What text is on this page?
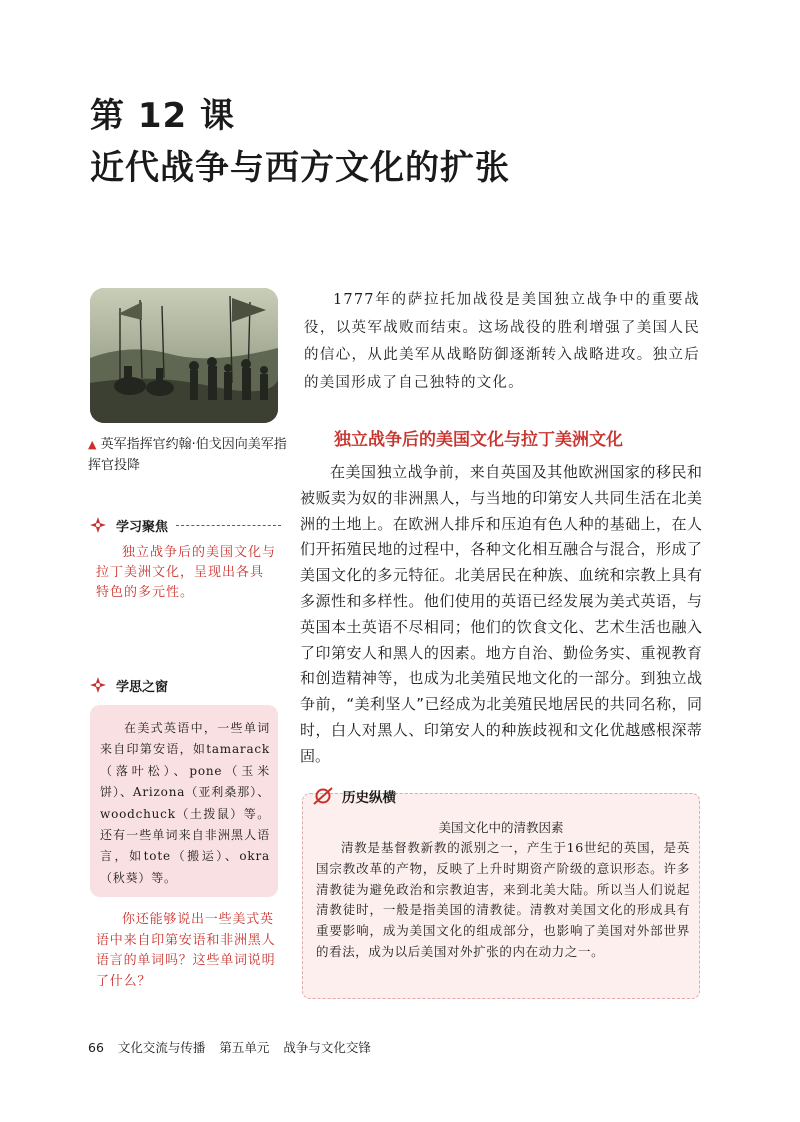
第 12 课
近代战争与西方文化的扩张
▲ 英军指挥官约翰·伯戈因向美军指挥官投降
1777年的萨拉托加战役是美国独立战争中的重要战役，以英军战败而结束。这场战役的胜利增强了美国人民的信心，从此美军从战略防御逐渐转入战略进攻。独立后的美国形成了自己独特的文化。
独立战争后的美国文化与拉丁美洲文化
在美国独立战争前，来自英国及其他欧洲国家的移民和被贩卖为奴的非洲黑人，与当地的印第安人共同生活在北美洲的土地上。在欧洲人排斥和压迫有色人种的基础上，在人们开拓殖民地的过程中，各种文化相互融合与混合，形成了美国文化的多元特征。北美居民在种族、血统和宗教上具有多源性和多样性。他们使用的英语已经发展为美式英语，与英国本土英语不尽相同；他们的饮食文化、艺术生活也融入了印第安人和黑人的因素。地方自治、勤俭务实、重视教育和创造精神等，也成为北美殖民地文化的一部分。到独立战争前，“美利坚人”已经成为北美殖民地居民的共同名称，同时，白人对黑人、印第安人的种族歧视和文化优越感根深蒂固。
学习聚焦
独立战争后的美国文化与拉丁美洲文化，呈现出各具特色的多元性。
学思之窗
在美式英语中，一些单词来自印第安语，如tamarack（落叶松）、pone（玉米饼）、Arizona（亚利桑那）、woodchuck（土拨鼠）等。还有一些单词来自非洲黑人语言，如tote（搬运）、okra（秋葵）等。
你还能够说出一些美式英语中来自印第安语和非洲黑人语言的单词吗？这些单词说明了什么？
历史纵横
美国文化中的清教因素
清教是基督教新教的派别之一，产生于16世纪的英国，是英国宗教改革的产物，反映了上升时期资产阶级的意识形态。许多清教徒为避免政治和宗教迫害，来到北美大陆。所以当人们说起清教徒时，一般是指美国的清教徒。清教对美国文化的形成具有重要影响，成为美国文化的组成部分，也影响了美国对外部世界的看法，成为以后美国对外扩张的内在动力之一。
66 文化交流与传播 第五单元 战争与文化交锋
